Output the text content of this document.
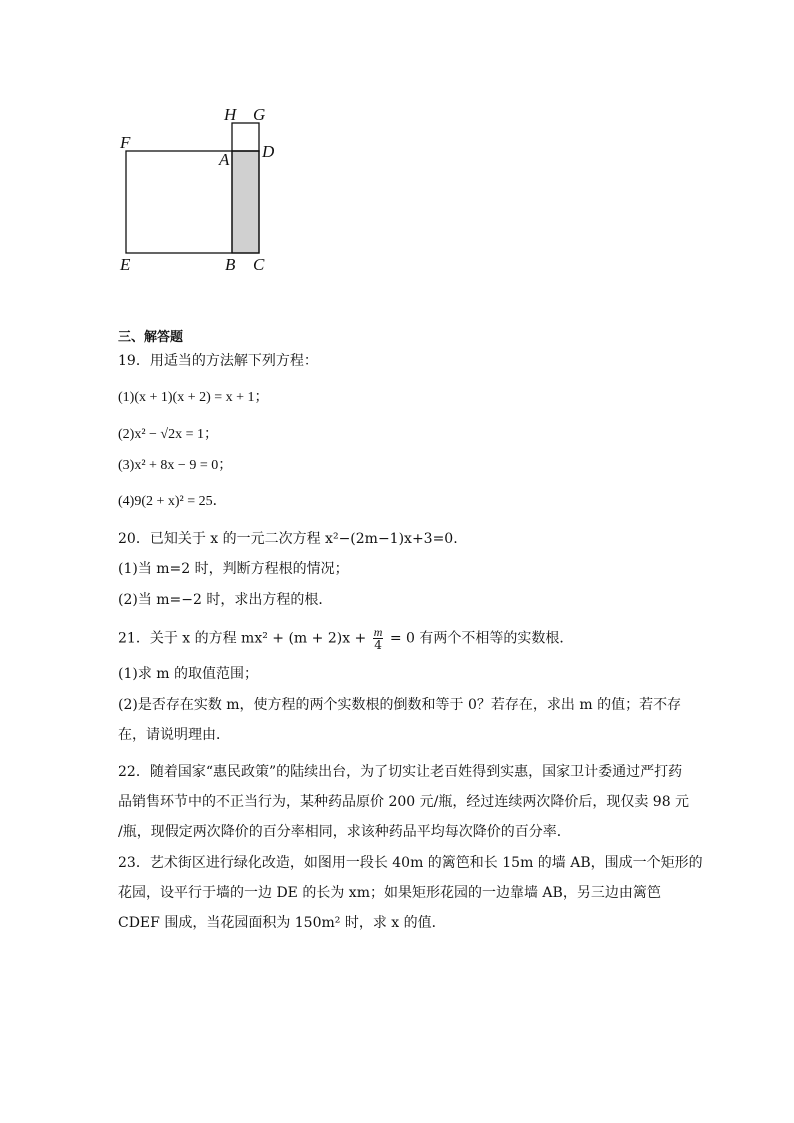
H G
F
A D
E	B C
三、解答题
19．用适当的方法解下列方程：
(1)(x + 1)(x + 2) = x + 1；
(2)x² − √2x = 1；
(3)x² + 8x − 9 = 0；
(4)9(2 + x)² = 25．
20．已知关于 x 的一元二次方程 x²−(2m−1)x+3=0.
(1)当 m=2 时，判断方程根的情况；
(2)当 m=−2 时，求出方程的根．
21．关于 x 的方程 $mx^2 + (m + 2)x + \frac{m}{4} = 0$ 有两个不相等的实数根．
(1)求 m 的取值范围；
(2)是否存在实数 m，使方程的两个实数根的倒数和等于 0？若存在，求出 m 的值；若不存
在，请说明理由．
22．随着国家“惠民政策”的陆续出台，为了切实让老百姓得到实惠，国家卫计委通过严打药
品销售环节中的不正当行为，某种药品原价 200 元/瓶，经过连续两次降价后，现仅卖 98 元
/瓶，现假定两次降价的百分率相同，求该种药品平均每次降价的百分率．
23．艺术街区进行绿化改造，如图用一段长 40m 的篱笆和长 15m 的墙 AB，围成一个矩形的
花园，设平行于墙的一边 DE 的长为 xm；如果矩形花园的一边靠墙 AB，另三边由篱笆
CDEF 围成，当花园面积为 150m² 时，求 x 的值．
